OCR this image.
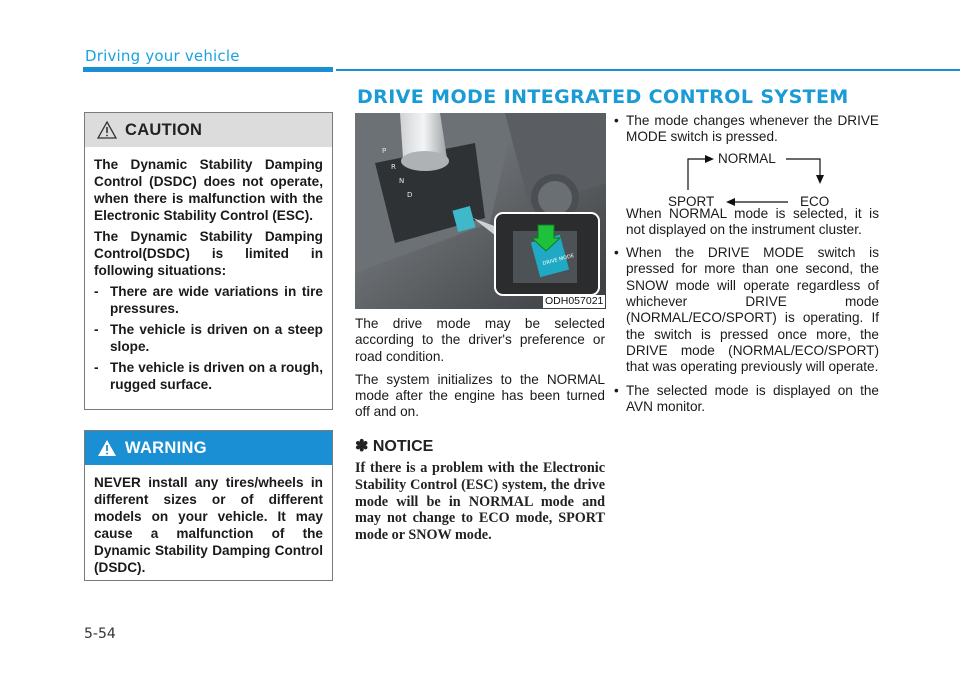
Driving your vehicle
DRIVE MODE INTEGRATED CONTROL SYSTEM
CAUTION

The Dynamic Stability Damping Control (DSDC) does not operate, when there is malfunction with the Electronic Stability Control (ESC).

The Dynamic Stability Damping Control(DSDC) is limited in following situations:

- There are wide variations in tire pressures.
- The vehicle is driven on a steep slope.
- The vehicle is driven on a rough, rugged surface.
WARNING

NEVER install any tires/wheels in different sizes or of different models on your vehicle. It may cause a malfunction of the Dynamic Stability Damping Control (DSDC).

P
R
N
D
DRIVE MODE
ODH057021

The drive mode may be selected according to the driver's preference or road condition.

The system initializes to the NORMAL mode after the engine has been turned off and on.

✽ NOTICE
If there is a problem with the Electronic Stability Control (ESC) system, the drive mode will be in NORMAL mode and may not change to ECO mode, SPORT mode or SNOW mode.
• The mode changes whenever the DRIVE MODE switch is pressed.
When NORMAL mode is selected, it is not displayed on the instrument cluster.
• When the DRIVE MODE switch is pressed for more than one second, the SNOW mode will operate regardless of whichever DRIVE mode (NORMAL/ECO/SPORT) is operating. If the switch is pressed once more, the DRIVE mode (NORMAL/ECO/SPORT) that was operating previously will operate.
• The selected mode is displayed on the AVN monitor.
NORMAL
SPORT	ECO
5-54
